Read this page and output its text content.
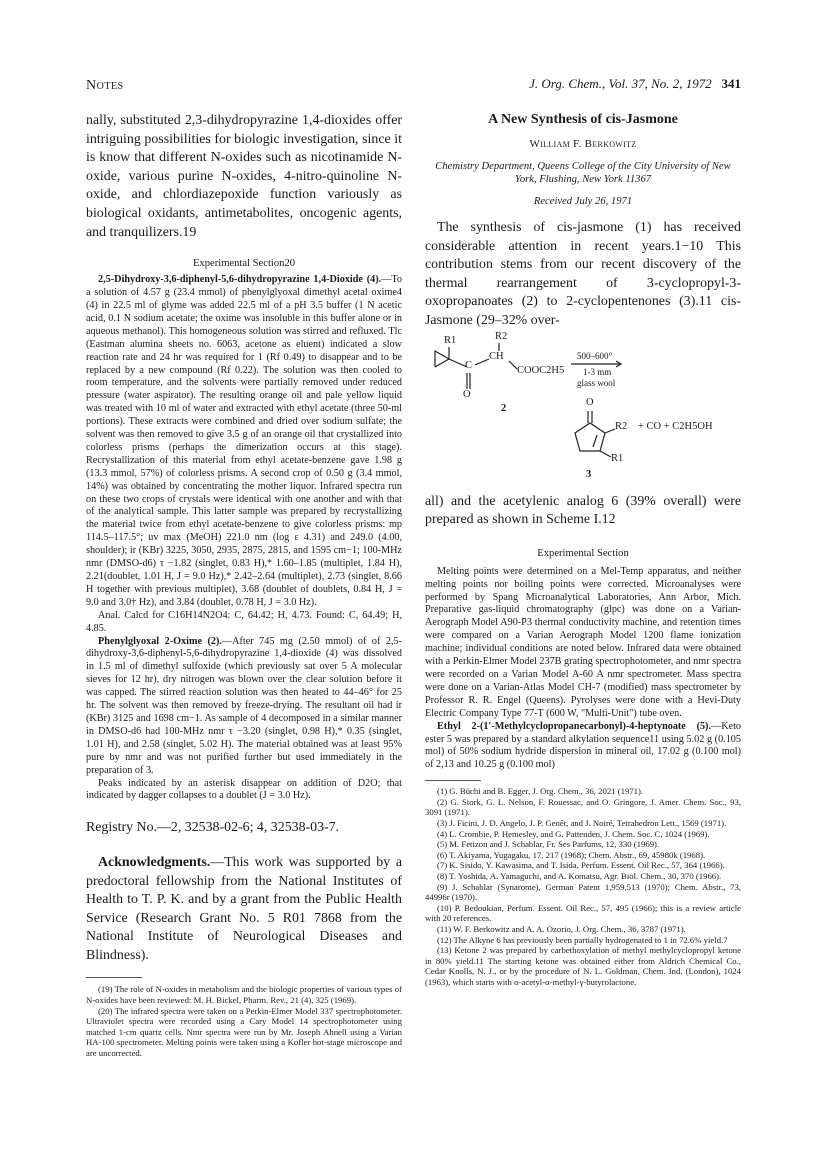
Notes	J. Org. Chem., Vol. 37, No. 2, 1972 341

nally, substituted 2,3-dihydropyrazine 1,4-dioxides offer intriguing possibilities for biologic investigation, since it is know that different N-oxides such as nicotinamide N-oxide, various purine N-oxides, 4-nitro-quinoline N-oxide, and chlordiazepoxide function variously as biological oxidants, antimetabolites, oncogenic agents, and tranquilizers.19

Experimental Section20

2,5-Dihydroxy-3,6-diphenyl-5,6-dihydropyrazine 1,4-Dioxide (4).—To a solution of 4.57 g (23.4 mmol) of phenylglyoxal dimethyl acetal oxime4 (4) in 22.5 ml of glyme was added 22.5 ml of a pH 3.5 buffer (1 N acetic acid, 0.1 N sodium acetate; the oxime was insoluble in this buffer alone or in aqueous methanol). This homogeneous solution was stirred and refluxed. Tlc (Eastman alumina sheets no. 6063, acetone as eluent) indicated a slow reaction rate and 24 hr was required for 1 (Rf 0.49) to disappear and to be replaced by a new compound (Rf 0.22). The solution was then cooled to room temperature, and the solvents were partially removed under reduced pressure (water aspirator). The resulting orange oil and pale yellow liquid was treated with 10 ml of water and extracted with ethyl acetate (three 50-ml portions). These extracts were combined and dried over sodium sulfate; the solvent was then removed to give 3.5 g of an orange oil that crystallized into colorless prisms (perhaps the dimerization occurs at this stage). Recrystallization of this material from ethyl acetate-benzene gave 1.98 g (13.3 mmol, 57%) of colorless prisms. A second crop of 0.50 g (3.4 mmol, 14%) was obtained by concentrating the mother liquor. Infrared spectra run on these two crops of crystals were identical with one another and with that of the analytical sample. This latter sample was prepared by recrystallizing the material twice from ethyl acetate-benzene to give colorless prisms: mp 114.5–117.5°; uv max (MeOH) 221.0 nm (log ε 4.31) and 249.0 (4.00, shoulder); ir (KBr) 3225, 3050, 2935, 2875, 2815, and 1595 cm−1; 100-MHz nmr (DMSO-d6) τ −1.82 (singlet, 0.83 H),* 1.60–1.85 (multiplet, 1.84 H), 2.21(doublet, 1.01 H, J = 9.0 Hz),* 2.42–2.64 (multiplet), 2.73 (singlet, 8.66 H together with previous multiplet), 3.68 (doublet of doublets, 0.84 H, J = 9.0 and 3.0† Hz), and 3.84 (doublet, 0.78 H, J = 3.0 Hz).

Anal. Calcd for C16H14N2O4: C, 64.42; H, 4.73. Found: C, 64.49; H, 4.85.

Phenylglyoxal 2-Oxime (2).—After 745 mg (2.50 mmol) of of 2,5-dihydroxy-3,6-diphenyl-5,6-dihydropyrazine 1,4-dioxide (4) was dissolved in 1.5 ml of dimethyl sulfoxide (which previously sat over 5 A molecular sieves for 12 hr), dry nitrogen was blown over the clear solution before it was capped. The stirred reaction solution was then heated to 44–46° for 25 hr. The solvent was then removed by freeze-drying. The resultant oil had ir (KBr) 3125 and 1698 cm−1. As sample of 4 decomposed in a similar manner in DMSO-d6 had 100-MHz nmr τ −3.20 (singlet, 0.98 H),* 0.35 (singlet, 1.01 H), and 2.58 (singlet, 5.02 H). The material obtained was at least 95% pure by nmr and was not purified further but used immediately in the preparation of 3.

Peaks indicated by an asterisk disappear on addition of D2O; that indicated by dagger collapses to a doublet (J = 3.0 Hz).

Registry No.—2, 32538-02-6; 4, 32538-03-7.

Acknowledgments.—This work was supported by a predoctoral fellowship from the National Institutes of Health to T. P. K. and by a grant from the Public Health Service (Research Grant No. 5 R01 7868 from the National Institute of Neurological Diseases and Blindness).

(19) The role of N-oxides in metabolism and the biologic properties of various types of N-oxides have been reviewed: M. H. Bickel, Pharm. Rev., 21 (4), 325 (1969).

(20) The infrared spectra were taken on a Perkin-Elmer Model 337 spectrophotometer. Ultraviolet spectra were recorded using a Cary Model 14 spectrophotometer using matched 1-cm quartz cells. Nmr spectra were run by Mr. Joseph Ahnell using a Varian HA-100 spectrometer. Melting points were taken using a Kofler hot-stage microscope and are uncorrected.

A New Synthesis of cis-Jasmone

William F. Berkowitz

Chemistry Department, Queens College of the City University of New York, Flushing, New York 11367

Received July 26, 1971

The synthesis of cis-jasmone (1) has received considerable attention in recent years.1−10 This contribution stems from our recent discovery of the thermal rearrangement of 3-cyclopropyl-3-oxopropanoates (2) to 2-cyclopentenones (3).11 cis-Jasmone (29–32% over-

R1	R2
CH
COOC2H5
C
O
500–600°
1-3 mm
glass wool
2
O
R2
R1
+ CO + C2H5OH
3

all) and the acetylenic analog 6 (39% overall) were prepared as shown in Scheme I.12

Experimental Section

Melting points were determined on a Mel-Temp apparatus, and neither melting points nor boiling points were corrected. Microanalyses were performed by Spang Microanalytical Laboratories, Ann Arbor, Mich. Preparative gas-liquid chromatography (glpc) was done on a Varian-Aerograph Model A90-P3 thermal conductivity machine, and retention times were compared on a Varian Aerograph Model 1200 flame ionization machine; individual conditions are noted below. Infrared data were obtained with a Perkin-Elmer Model 237B grating spectrophotometer, and nmr spectra were recorded on a Varian Model A-60 A nmr spectrometer. Mass spectra were done on a Varian-Atlas Model CH-7 (modified) mass spectrometer by Professor R. R. Engel (Queens). Pyrolyses were done with a Hevi-Duty Electric Company Type 77-T (600 W, "Multi-Unit") tube oven.

Ethyl 2-(1′-Methylcyclopropanecarbonyl)-4-heptynoate (5).—Keto ester 5 was prepared by a standard alkylation sequence11 using 5.02 g (0.105 mol) of 50% sodium hydride dispersion in mineral oil, 17.02 g (0.100 mol) of 2,13 and 10.25 g (0.100 mol)

(1) G. Büchi and B. Egger, J. Org. Chem., 36, 2021 (1971).

(2) G. Stork, G. L. Nelson, F. Rouessac, and O. Gringore, J. Amer. Chem. Soc., 93, 3091 (1971).

(3) J. Ficini, J. D. Angelo, J. P. Genêt, and J. Noiré, Tetrahedron Lett., 1569 (1971).

(4) L. Crombie, P. Hemesley, and G. Pattenden, J. Chem. Soc. C, 1024 (1969).

(5) M. Fetizon and J. Schablar, Fr. Ses Parfums, 12, 330 (1969).

(6) T. Akiyama, Yugagaku, 17, 217 (1968); Chem. Abstr., 69, 45980k (1968).

(7) K. Sisido, Y. Kawasima, and T. Isida, Perfum. Essent. Oil Rec., 57, 364 (1966).

(8) T. Yoshida, A. Yamaguchi, and A. Komatsu, Agr. Biol. Chem., 30, 370 (1966).

(9) J. Schablar (Synarome), German Patent 1,959,513 (1970); Chem. Abstr., 73, 44996r (1970).

(10) P. Bedoukian, Perfum. Essent. Oil Rec., 57, 495 (1966); this is a review article with 20 references.

(11) W. F. Berkowitz and A. A. Ozorio, J. Org. Chem., 36, 3787 (1971).

(12) The Alkyne 6 has previously been partially hydrogenated to 1 in 72.6% yield.7

(13) Ketone 2 was prepared by carbethoxylation of methyl methylcyclopropyl ketone in 80% yield.11 The starting ketone was obtained either from Aldrich Chemical Co., Cedar Knolls, N. J., or by the procedure of N. L. Goldman, Chem. Ind. (London), 1024 (1963), which starts with α-acetyl-α-methyl-γ-butyrolactone.
